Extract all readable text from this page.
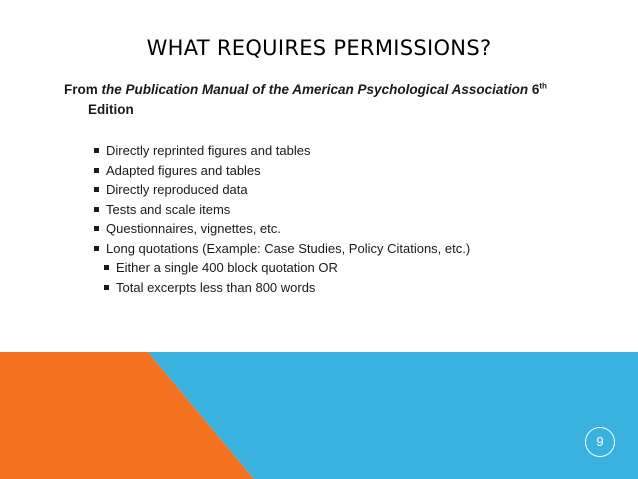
WHAT REQUIRES PERMISSIONS?
From the Publication Manual of the American Psychological Association 6th
Edition
Directly reprinted figures and tables
Adapted figures and tables
Directly reproduced data
Tests and scale items
Questionnaires, vignettes, etc.
Long quotations (Example: Case Studies, Policy Citations, etc.)
Either a single 400 block quotation OR
Total excerpts less than 800 words
9
